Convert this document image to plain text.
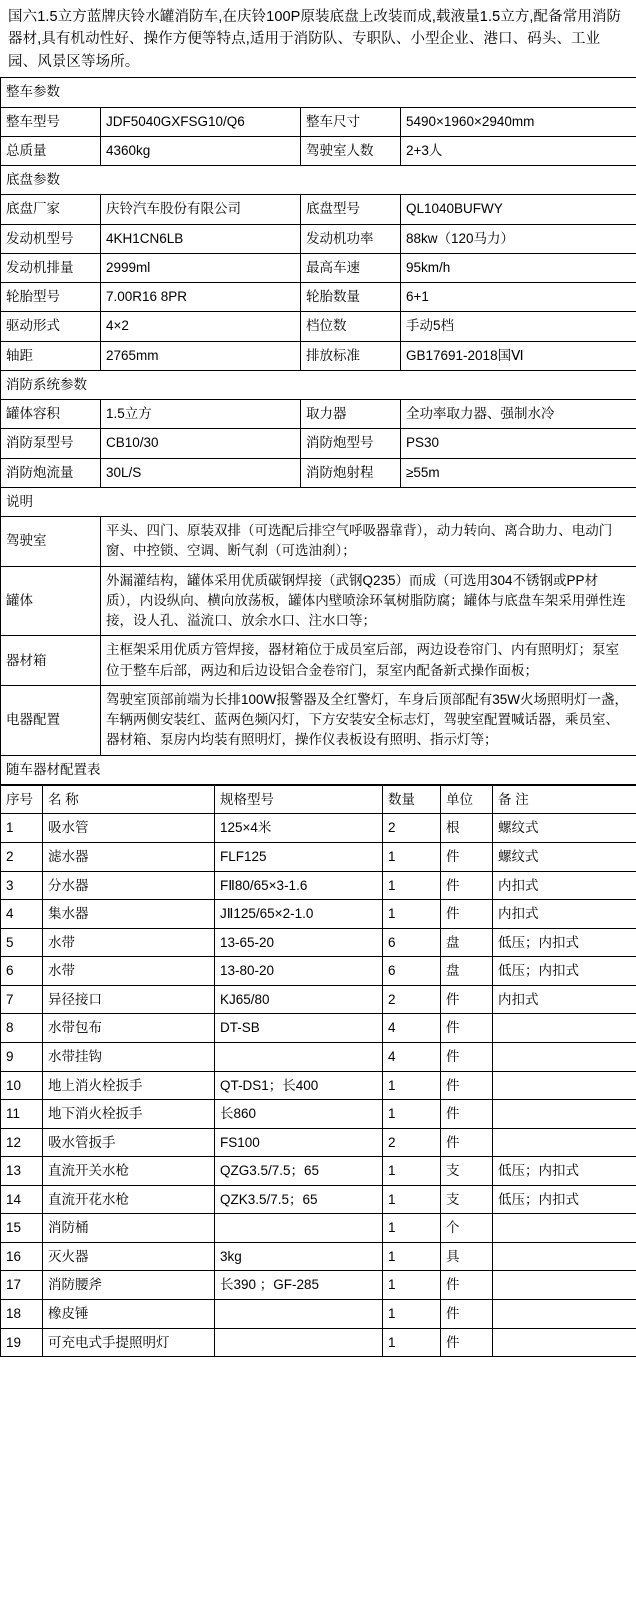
国六1.5立方蓝牌庆铃水罐消防车,在庆铃100P原装底盘上改装而成,载液量1.5立方,配备常用消防器材,具有机动性好、操作方便等特点,适用于消防队、专职队、小型企业、港口、码头、工业园、风景区等场所。
整车参数			
整车型号	JDF5040GXFSG10/Q6	整车尺寸	5490×1960×2940mm
总质量	4360kg	驾驶室人数	2+3人
底盘参数			
底盘厂家	庆铃汽车股份有限公司	底盘型号	QL1040BUFWY
发动机型号	4KH1CN6LB	发动机功率	88kw（120马力）
发动机排量	2999ml	最高车速	95km/h
轮胎型号	7.00R16 8PR	轮胎数量	6+1
驱动形式	4×2	档位数	手动5档
轴距	2765mm	排放标准	GB17691-2018国Ⅵ
消防系统参数			
罐体容积	1.5立方	取力器	全功率取力器、强制水冷
消防泵型号	CB10/30	消防炮型号	PS30
消防炮流量	30L/S	消防炮射程	≥55m
说明			
驾驶室	平头、四门、原装双排（可选配后排空气呼吸器靠背），动力转向、离合助力、电动门窗、中控锁、空调、断气刹（可选油刹）；		
罐体	外漏灌结构，罐体采用优质碳钢焊接（武钢Q235）而成（可选用304不锈钢或PP材质），内设纵向、横向放荡板，罐体内壁喷涂环氧树脂防腐；罐体与底盘车架采用弹性连接，设人孔、溢流口、放余水口、注水口等；		
器材箱	主框架采用优质方管焊接，器材箱位于成员室后部，两边设卷帘门、内有照明灯；泵室位于整车后部，两边和后边设铝合金卷帘门，泵室内配备新式操作面板；		
电器配置	驾驶室顶部前端为长排100W报警器及全红警灯，车身后顶部配有35W火场照明灯一盏，车辆两侧安装红、蓝两色频闪灯，下方安装安全标志灯，驾驶室配置喊话器，乘员室、器材箱、泵房内均装有照明灯，操作仪表板设有照明、指示灯等；		
随车器材配置表			
序号	名 称	规格型号	数量	单位	备 注
1	吸水管	125×4米	2	根	螺纹式
2	滤水器	FLF125	1	件	螺纹式
3	分水器	FⅡ80/65×3-1.6	1	件	内扣式
4	集水器	JⅡ125/65×2-1.0	1	件	内扣式
5	水带	13-65-20	6	盘	低压；内扣式
6	水带	13-80-20	6	盘	低压；内扣式
7	异径接口	KJ65/80	2	件	内扣式
8	水带包布	DT-SB	4	件	
9	水带挂钩		4	件	
10	地上消火栓扳手	QT-DS1；长400	1	件	
11	地下消火栓扳手	长860	1	件	
12	吸水管扳手	FS100	2	件	
13	直流开关水枪	QZG3.5/7.5；65	1	支	低压；内扣式
14	直流开花水枪	QZK3.5/7.5；65	1	支	低压；内扣式
15	消防桶		1	个	
16	灭火器	3kg	1	具	
17	消防腰斧	长390 ；GF-285	1	件	
18	橡皮锤		1	件	
19	可充电式手提照明灯		1	件	
